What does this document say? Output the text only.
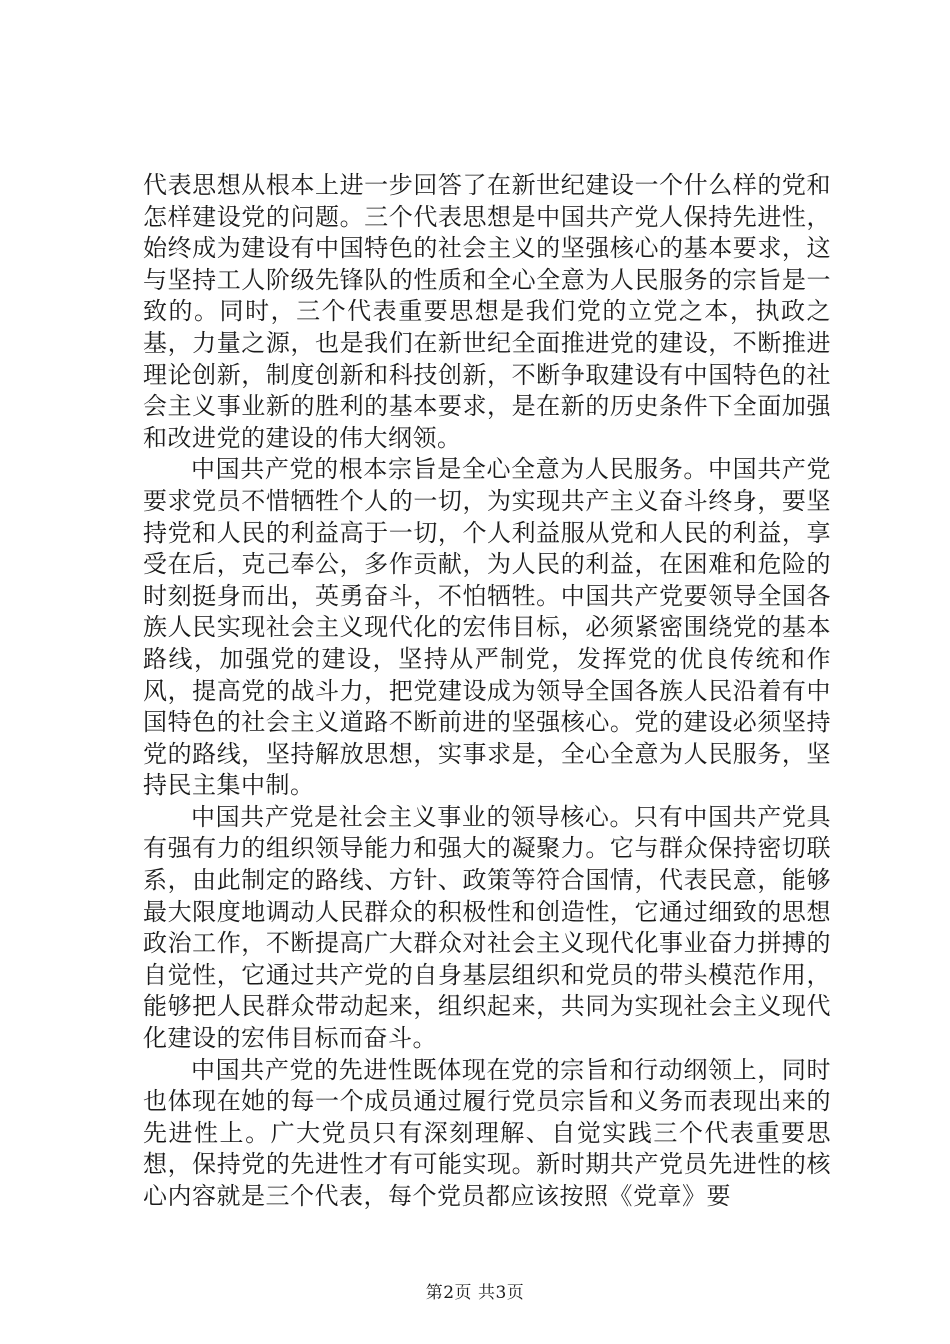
代表思想从根本上进一步回答了在新世纪建设一个什么样的党和怎样建设党的问题。三个代表思想是中国共产党人保持先进性，始终成为建设有中国特色的社会主义的坚强核心的基本要求，这与坚持工人阶级先锋队的性质和全心全意为人民服务的宗旨是一致的。同时，三个代表重要思想是我们党的立党之本，执政之基，力量之源，也是我们在新世纪全面推进党的建设，不断推进理论创新，制度创新和科技创新，不断争取建设有中国特色的社会主义事业新的胜利的基本要求，是在新的历史条件下全面加强和改进党的建设的伟大纲领。

中国共产党的根本宗旨是全心全意为人民服务。中国共产党要求党员不惜牺牲个人的一切，为实现共产主义奋斗终身，要坚持党和人民的利益高于一切，个人利益服从党和人民的利益，享受在后，克己奉公，多作贡献，为人民的利益，在困难和危险的时刻挺身而出，英勇奋斗，不怕牺牲。中国共产党要领导全国各族人民实现社会主义现代化的宏伟目标，必须紧密围绕党的基本路线，加强党的建设，坚持从严制党，发挥党的优良传统和作风，提高党的战斗力，把党建设成为领导全国各族人民沿着有中国特色的社会主义道路不断前进的坚强核心。党的建设必须坚持党的路线，坚持解放思想，实事求是，全心全意为人民服务，坚持民主集中制。

中国共产党是社会主义事业的领导核心。只有中国共产党具有强有力的组织领导能力和强大的凝聚力。它与群众保持密切联系，由此制定的路线、方针、政策等符合国情，代表民意，能够最大限度地调动人民群众的积极性和创造性，它通过细致的思想政治工作，不断提高广大群众对社会主义现代化事业奋力拼搏的自觉性，它通过共产党的自身基层组织和党员的带头模范作用，能够把人民群众带动起来，组织起来，共同为实现社会主义现代化建设的宏伟目标而奋斗。

中国共产党的先进性既体现在党的宗旨和行动纲领上，同时也体现在她的每一个成员通过履行党员宗旨和义务而表现出来的先进性上。广大党员只有深刻理解、自觉实践三个代表重要思想，保持党的先进性才有可能实现。新时期共产党员先进性的核心内容就是三个代表，每个党员都应该按照《党章》要

第2页 共3页
